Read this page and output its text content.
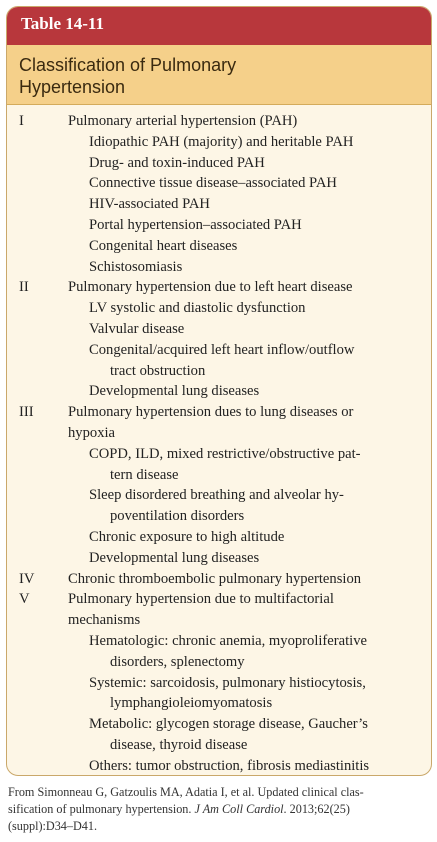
Table 14-11
Classification of Pulmonary
Hypertension
I	Pulmonary arterial hypertension (PAH)
Idiopathic PAH (majority) and heritable PAH
Drug- and toxin-induced PAH
Connective tissue disease–associated PAH
HIV-associated PAH
Portal hypertension–associated PAH
Congenital heart diseases
Schistosomiasis
II	Pulmonary hypertension due to left heart disease
LV systolic and diastolic dysfunction
Valvular disease
Congenital/acquired left heart inflow/outflow
tract obstruction
Developmental lung diseases
III Pulmonary hypertension dues to lung diseases or
hypoxia
COPD, ILD, mixed restrictive/obstructive pat-
tern disease
Sleep disordered breathing and alveolar hy-
poventilation disorders
Chronic exposure to high altitude
Developmental lung diseases
IV Chronic thromboembolic pulmonary hypertension
V	Pulmonary hypertension due to multifactorial
mechanisms
Hematologic: chronic anemia, myoproliferative
disorders, splenectomy
Systemic: sarcoidosis, pulmonary histiocytosis,
lymphangioleiomyomatosis
Metabolic: glycogen storage disease, Gaucher’s
disease, thyroid disease
Others: tumor obstruction, fibrosis mediastinitis
From Simonneau G, Gatzoulis MA, Adatia I, et al. Updated clinical clas-
sification of pulmonary hypertension. J Am Coll Cardiol. 2013;62(25)
(suppl):D34–D41.
